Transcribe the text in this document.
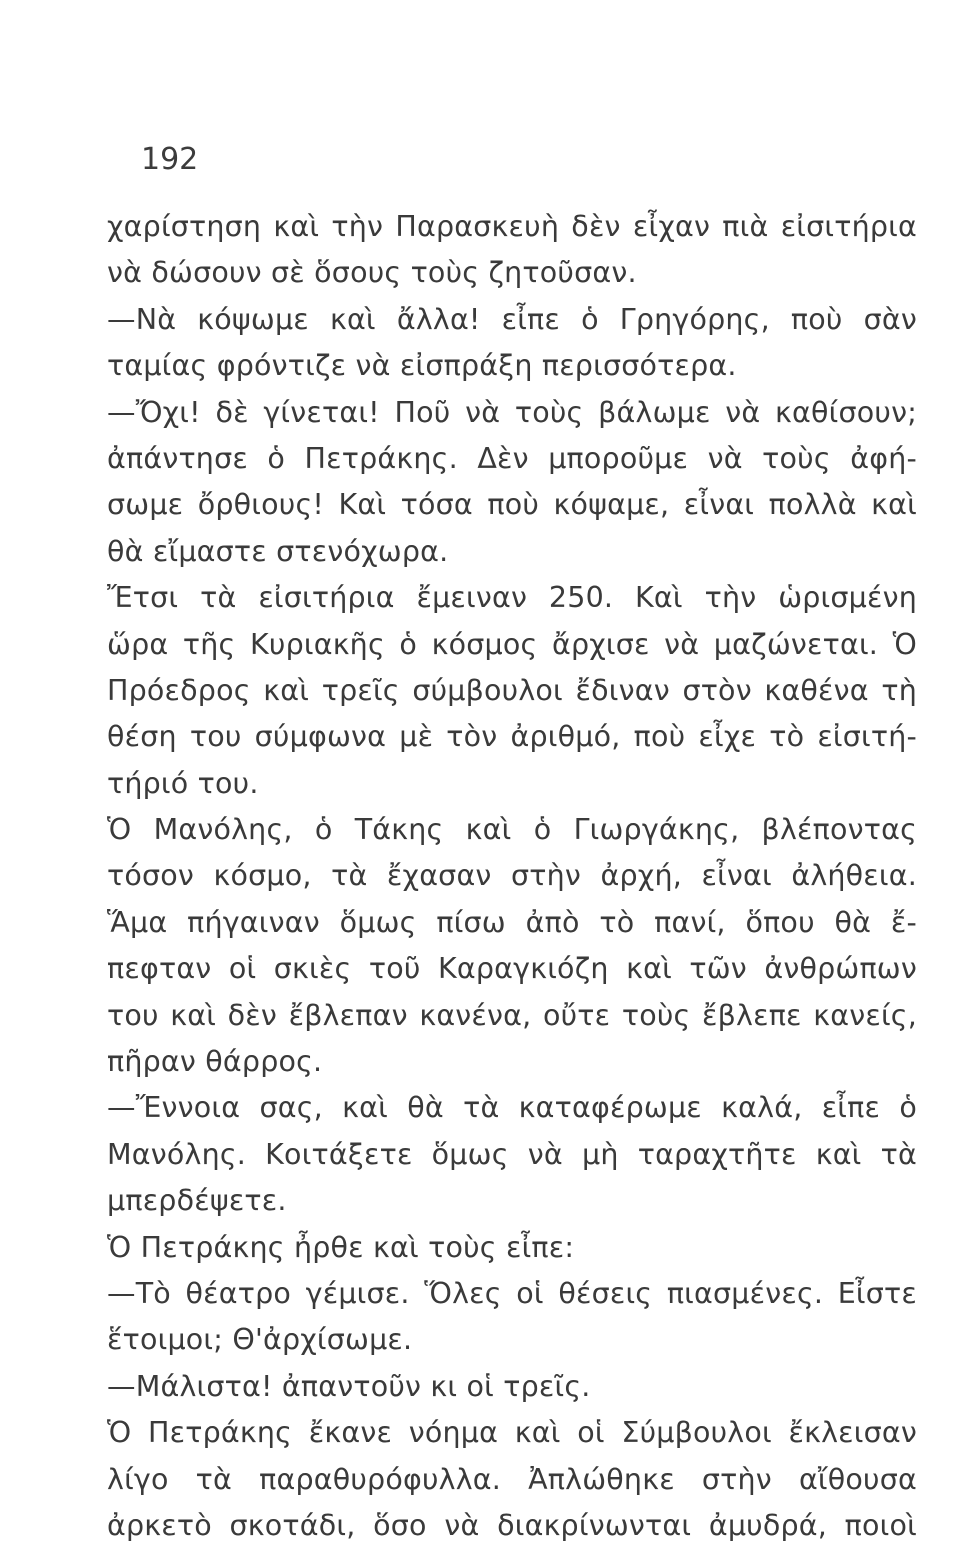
192
χαρίστηση καὶ τὴν Παρασκευὴ δὲν εἶχαν πιὰ εἰσιτήρια
νὰ δώσουν σὲ ὅσους τοὺς ζητοῦσαν.
—Νὰ κόψωμε καὶ ἄλλα! εἶπε ὁ Γρηγόρης, ποὺ σὰν
ταμίας φρόντιζε νὰ εἰσπράξη περισσότερα.
—Ὄχι! δὲ γίνεται! Ποῦ νὰ τοὺς βάλωμε νὰ καθίσουν;
ἀπάντησε ὁ Πετράκης. Δὲν μποροῦμε νὰ τοὺς ἀφή-
σωμε ὄρθιους! Καὶ τόσα ποὺ κόψαμε, εἶναι πολλὰ καὶ
θὰ εἴμαστε στενόχωρα.
Ἔτσι τὰ εἰσιτήρια ἔμειναν 250. Καὶ τὴν ὡρισμένη
ὥρα τῆς Κυριακῆς ὁ κόσμος ἄρχισε νὰ μαζώνεται. Ὁ
Πρόεδρος καὶ τρεῖς σύμβουλοι ἔδιναν στὸν καθένα τὴ
θέση του σύμφωνα μὲ τὸν ἀριθμό, ποὺ εἶχε τὸ εἰσιτή-
τήριό του.
Ὁ Μανόλης, ὁ Τάκης καὶ ὁ Γιωργάκης, βλέποντας
τόσον κόσμο, τὰ ἔχασαν στὴν ἀρχή, εἶναι ἀλήθεια.
Ἅμα πήγαιναν ὅμως πίσω ἀπὸ τὸ πανί, ὅπου θὰ ἔ-
πεφταν οἱ σκιὲς τοῦ Καραγκιόζη καὶ τῶν ἀνθρώπων
του καὶ δὲν ἔβλεπαν κανένα, οὔτε τοὺς ἔβλεπε κανείς,
πῆραν θάρρος.
—Ἔννοια σας, καὶ θὰ τὰ καταφέρωμε καλά, εἶπε ὁ
Μανόλης. Κοιτάξετε ὅμως νὰ μὴ ταραχτῆτε καὶ τὰ
μπερδέψετε.
Ὁ Πετράκης ἦρθε καὶ τοὺς εἶπε:
—Τὸ θέατρο γέμισε. Ὅλες οἱ θέσεις πιασμένες. Εἶστε
ἕτοιμοι; Θ'ἀρχίσωμε.
—Μάλιστα! ἀπαντοῦν κι οἱ τρεῖς.
Ὁ Πετράκης ἔκανε νόημα καὶ οἱ Σύμβουλοι ἔκλεισαν
λίγο τὰ παραθυρόφυλλα. Ἀπλώθηκε στὴν αἴθουσα
ἀρκετὸ σκοτάδι, ὅσο νὰ διακρίνωνται ἀμυδρά, ποιοὶ
